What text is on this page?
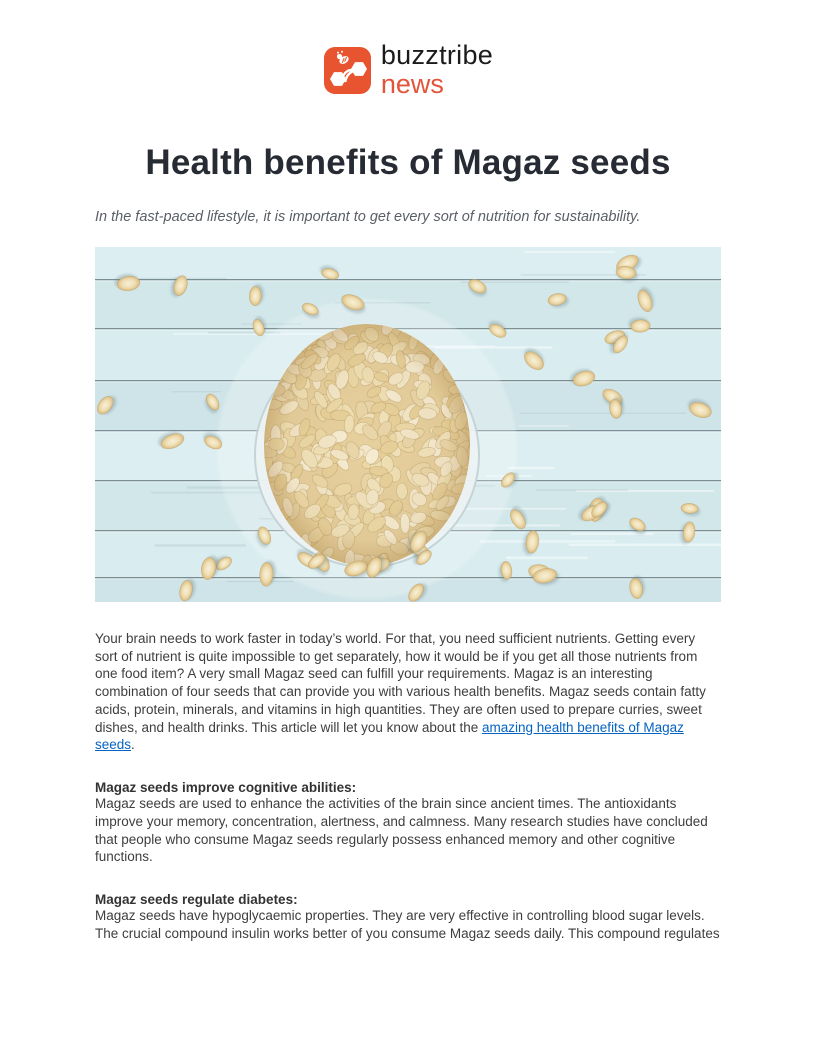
buzztribe
news
Health benefits of Magaz seeds

In the fast-paced lifestyle, it is important to get every sort of nutrition for sustainability.

Your brain needs to work faster in today’s world. For that, you need sufficient nutrients. Getting every sort of nutrient is quite impossible to get separately, how it would be if you get all those nutrients from one food item? A very small Magaz seed can fulfill your requirements. Magaz is an interesting combination of four seeds that can provide you with various health benefits. Magaz seeds contain fatty acids, protein, minerals, and vitamins in high quantities. They are often used to prepare curries, sweet dishes, and health drinks. This article will let you know about the amazing health benefits of Magaz seeds.

Magaz seeds improve cognitive abilities:

Magaz seeds are used to enhance the activities of the brain since ancient times. The antioxidants improve your memory, concentration, alertness, and calmness. Many research studies have concluded that people who consume Magaz seeds regularly possess enhanced memory and other cognitive functions.

Magaz seeds regulate diabetes:

Magaz seeds have hypoglycaemic properties. They are very effective in controlling blood sugar levels. The crucial compound insulin works better of you consume Magaz seeds daily. This compound regulates
